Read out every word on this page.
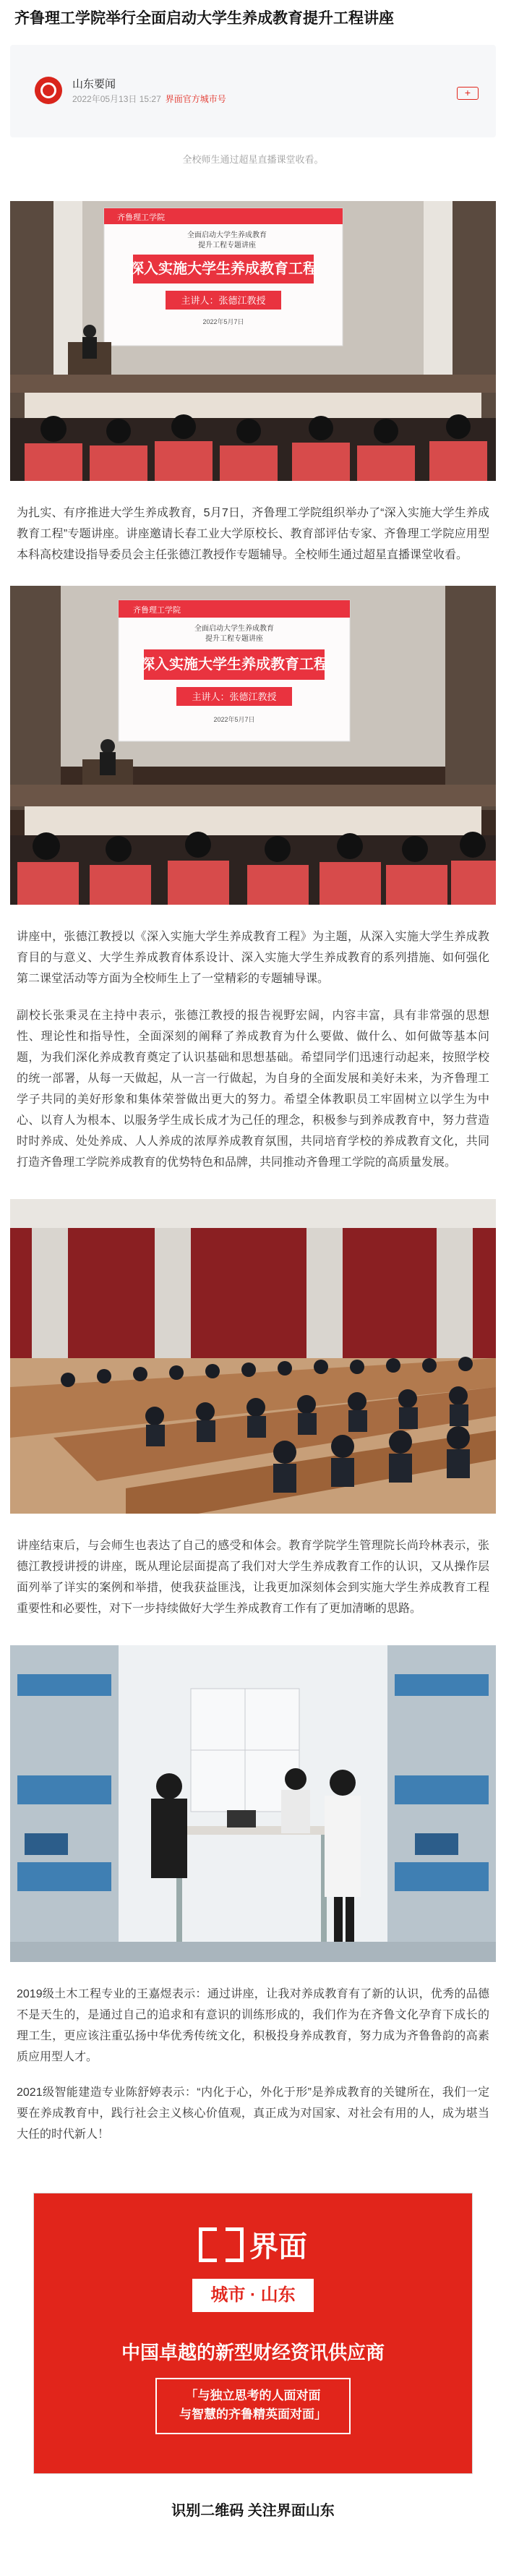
齐鲁理工学院举行全面启动大学生养成教育提升工程讲座
山东要闻
2022年05月13日 15:27 界面官方城市号
+
全校师生通过超星直播课堂收看。
齐鲁理工学院
全面启动大学生养成教育
提升工程专题讲座
深入实施大学生养成教育工程
主讲人：张德江教授
2022年5月7日

为扎实、有序推进大学生养成教育，5月7日，齐鲁理工学院组织举办了“深入实施大学生养成教育工程”专题讲座。讲座邀请长春工业大学原校长、教育部评估专家、齐鲁理工学院应用型本科高校建设指导委员会主任张德江教授作专题辅导。全校师生通过超星直播课堂收看。

齐鲁理工学院
全面启动大学生养成教育
提升工程专题讲座
深入实施大学生养成教育工程
主讲人：张德江教授
2022年5月7日

讲座中，张德江教授以《深入实施大学生养成教育工程》为主题，从深入实施大学生养成教育目的与意义、大学生养成教育体系设计、深入实施大学生养成教育的系列措施、如何强化第二课堂活动等方面为全校师生上了一堂精彩的专题辅导课。

副校长张秉灵在主持中表示，张德江教授的报告视野宏阔，内容丰富，具有非常强的思想性、理论性和指导性，全面深刻的阐释了养成教育为什么要做、做什么、如何做等基本问题，为我们深化养成教育奠定了认识基础和思想基础。希望同学们迅速行动起来，按照学校的统一部署，从每一天做起，从一言一行做起，为自身的全面发展和美好未来，为齐鲁理工学子共同的美好形象和集体荣誉做出更大的努力。希望全体教职员工牢固树立以学生为中心、以育人为根本、以服务学生成长成才为己任的理念，积极参与到养成教育中，努力营造时时养成、处处养成、人人养成的浓厚养成教育氛围，共同培育学校的养成教育文化，共同打造齐鲁理工学院养成教育的优势特色和品牌，共同推动齐鲁理工学院的高质量发展。

讲座结束后，与会师生也表达了自己的感受和体会。教育学院学生管理院长尚玲林表示，张德江教授讲授的讲座，既从理论层面提高了我们对大学生养成教育工作的认识，又从操作层面列举了详实的案例和举措，使我获益匪浅，让我更加深刻体会到实施大学生养成教育工程重要性和必要性，对下一步持续做好大学生养成教育工作有了更加清晰的思路。

2019级土木工程专业的王嘉煜表示：通过讲座，让我对养成教育有了新的认识，优秀的品德不是天生的，是通过自己的追求和有意识的训练形成的，我们作为在齐鲁文化孕育下成长的理工生，更应该注重弘扬中华优秀传统文化，积极投身养成教育，努力成为齐鲁鲁韵的高素质应用型人才。

2021级智能建造专业陈舒婷表示：“内化于心，外化于形”是养成教育的关键所在，我们一定要在养成教育中，践行社会主义核心价值观，真正成为对国家、对社会有用的人，成为堪当大任的时代新人！

界面
城市 · 山东
中国卓越的新型财经资讯供应商
「与独立思考的人面对面
与智慧的齐鲁精英面对面」
识别二维码 关注界面山东
